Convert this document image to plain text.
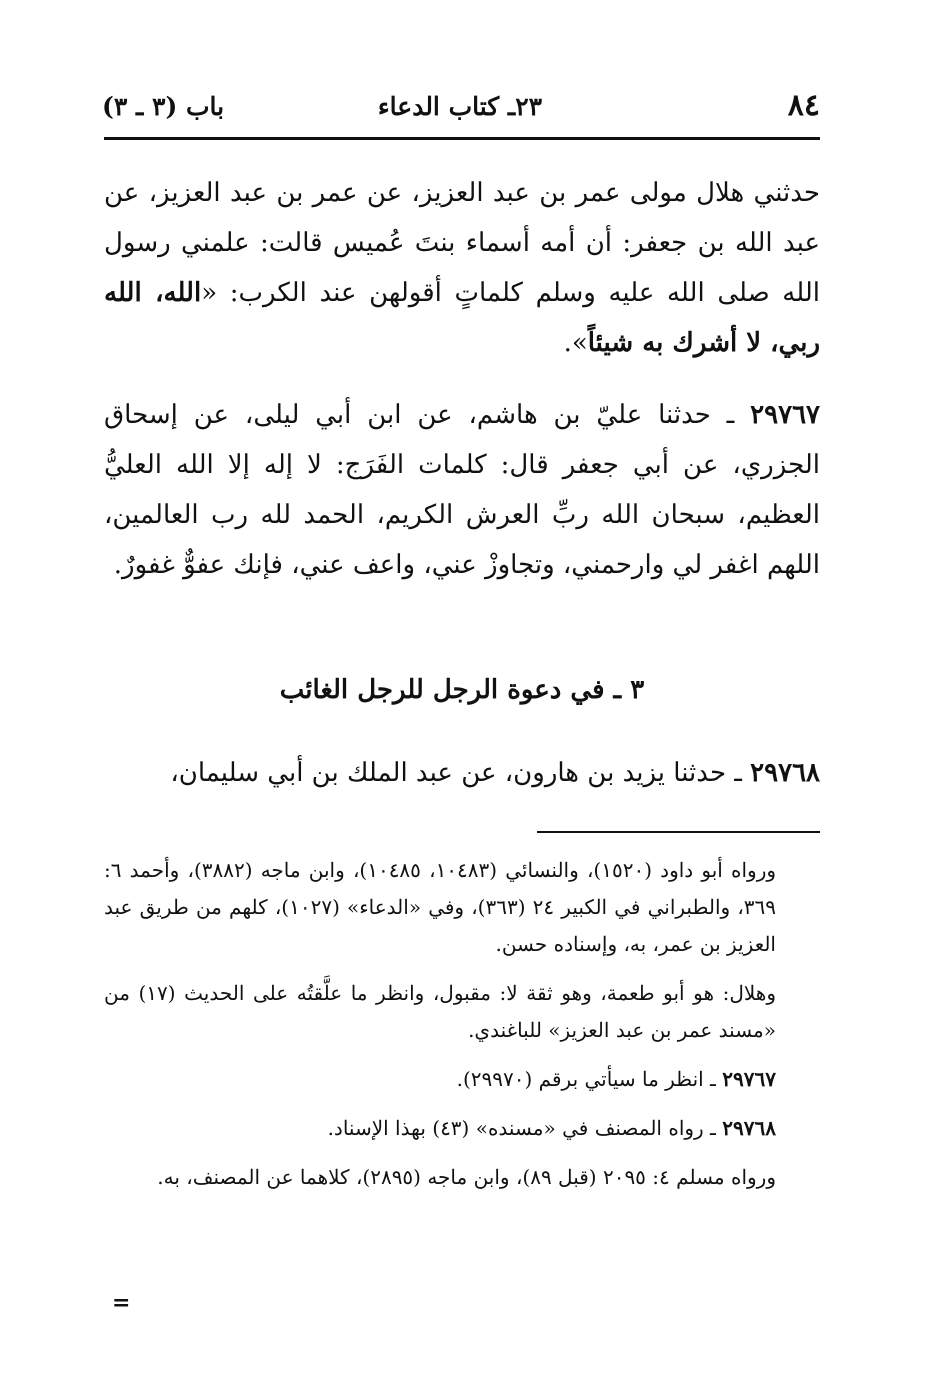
باب (٣ ـ ٣)	٢٣ـ كتاب الدعاء	٨٤
حدثني هلال مولى عمر بن عبد العزيز، عن عمر بن عبد العزيز، عن عبد الله بن جعفر: أن أمه أسماء بنتَ عُميس قالت: علمني رسول الله صلى الله عليه وسلم كلماتٍ أقولهن عند الكرب: «الله، الله ربي، لا أشرك به شيئاً».
٢٩٧٦٧ ـ حدثنا عليّ بن هاشم، عن ابن أبي ليلى، عن إسحاق الجزري، عن أبي جعفر قال: كلمات الفَرَج: لا إله إلا الله العليُّ العظيم، سبحان الله ربِّ العرش الكريم، الحمد لله رب العالمين، اللهم اغفر لي وارحمني، وتجاوزْ عني، واعف عني، فإنك عفوٌّ غفورٌ.
٣ ـ في دعوة الرجل للرجل الغائب
٢٩٧٦٨ ـ حدثنا يزيد بن هارون، عن عبد الملك بن أبي سليمان،

ورواه أبو داود (١٥٢٠)، والنسائي (١٠٤٨٣، ١٠٤٨٥)، وابن ماجه (٣٨٨٢)، وأحمد ٦: ٣٦٩، والطبراني في الكبير ٢٤ (٣٦٣)، وفي «الدعاء» (١٠٢٧)، كلهم من طريق عبد العزيز بن عمر، به، وإسناده حسن.

وهلال: هو أبو طعمة، وهو ثقة لا: مقبول، وانظر ما علَّقتُه على الحديث (١٧) من «مسند عمر بن عبد العزيز» للباغندي.

٢٩٧٦٧ ـ انظر ما سيأتي برقم (٢٩٩٧٠).

٢٩٧٦٨ ـ رواه المصنف في «مسنده» (٤٣) بهذا الإسناد.

ورواه مسلم ٤: ٢٠٩٥ (قبل ٨٩)، وابن ماجه (٢٨٩٥)، كلاهما عن المصنف، به.

=
